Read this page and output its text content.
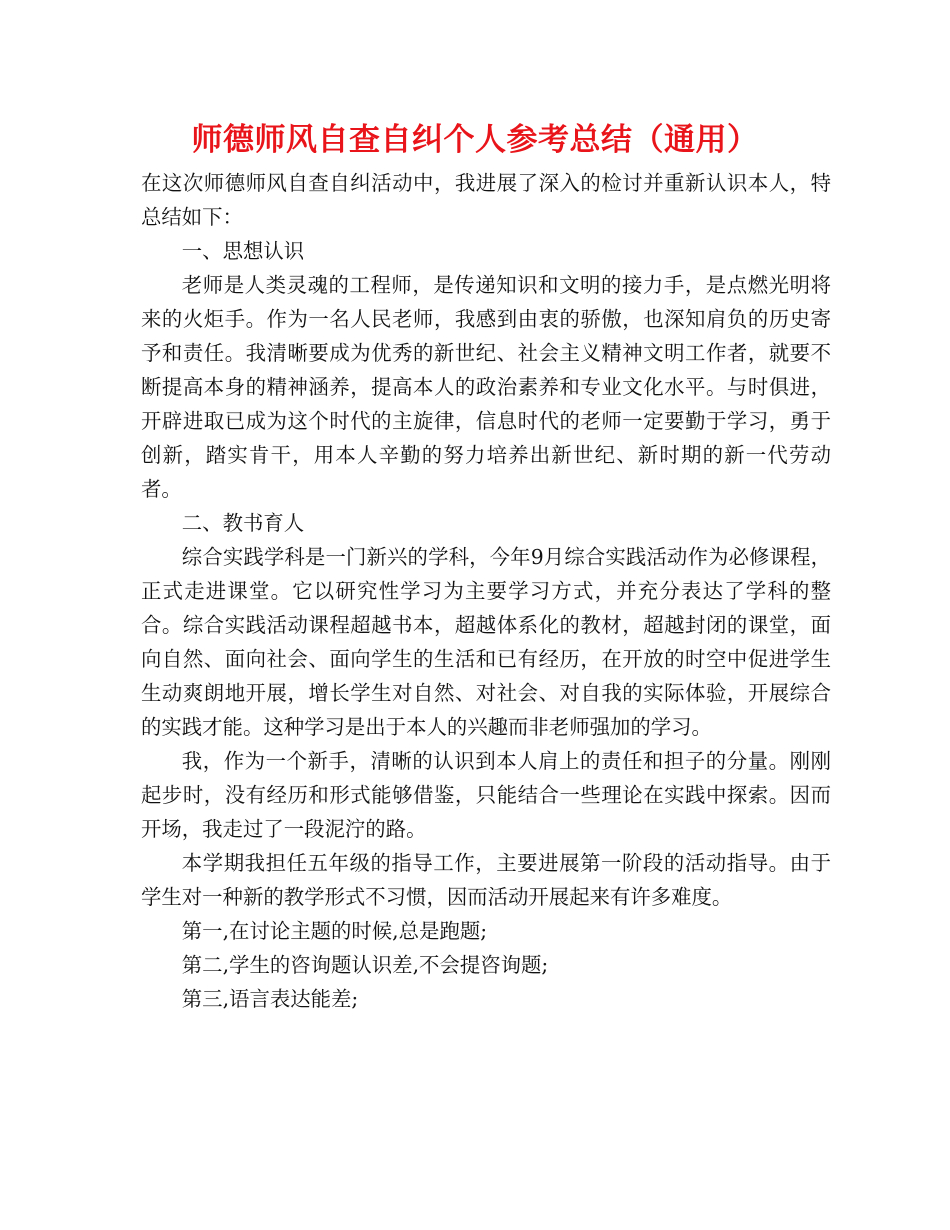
师德师风自查自纠个人参考总结（通用）

在这次师德师风自查自纠活动中，我进展了深入的检讨并重新认识本人，特总结如下：

一、思想认识

老师是人类灵魂的工程师，是传递知识和文明的接力手，是点燃光明将来的火炬手。作为一名人民老师，我感到由衷的骄傲，也深知肩负的历史寄予和责任。我清晰要成为优秀的新世纪、社会主义精神文明工作者，就要不断提高本身的精神涵养，提高本人的政治素养和专业文化水平。与时俱进，开辟进取已成为这个时代的主旋律，信息时代的老师一定要勤于学习，勇于创新，踏实肯干，用本人辛勤的努力培养出新世纪、新时期的新一代劳动者。

二、教书育人

综合实践学科是一门新兴的学科，今年9月综合实践活动作为必修课程，正式走进课堂。它以研究性学习为主要学习方式，并充分表达了学科的整合。综合实践活动课程超越书本，超越体系化的教材，超越封闭的课堂，面向自然、面向社会、面向学生的生活和已有经历，在开放的时空中促进学生生动爽朗地开展，增长学生对自然、对社会、对自我的实际体验，开展综合的实践才能。这种学习是出于本人的兴趣而非老师强加的学习。

我，作为一个新手，清晰的认识到本人肩上的责任和担子的分量。刚刚起步时，没有经历和形式能够借鉴，只能结合一些理论在实践中探索。因而开场，我走过了一段泥泞的路。

本学期我担任五年级的指导工作，主要进展第一阶段的活动指导。由于学生对一种新的教学形式不习惯，因而活动开展起来有许多难度。

第一,在讨论主题的时候,总是跑题;

第二,学生的咨询题认识差,不会提咨询题;

第三,语言表达能差;
